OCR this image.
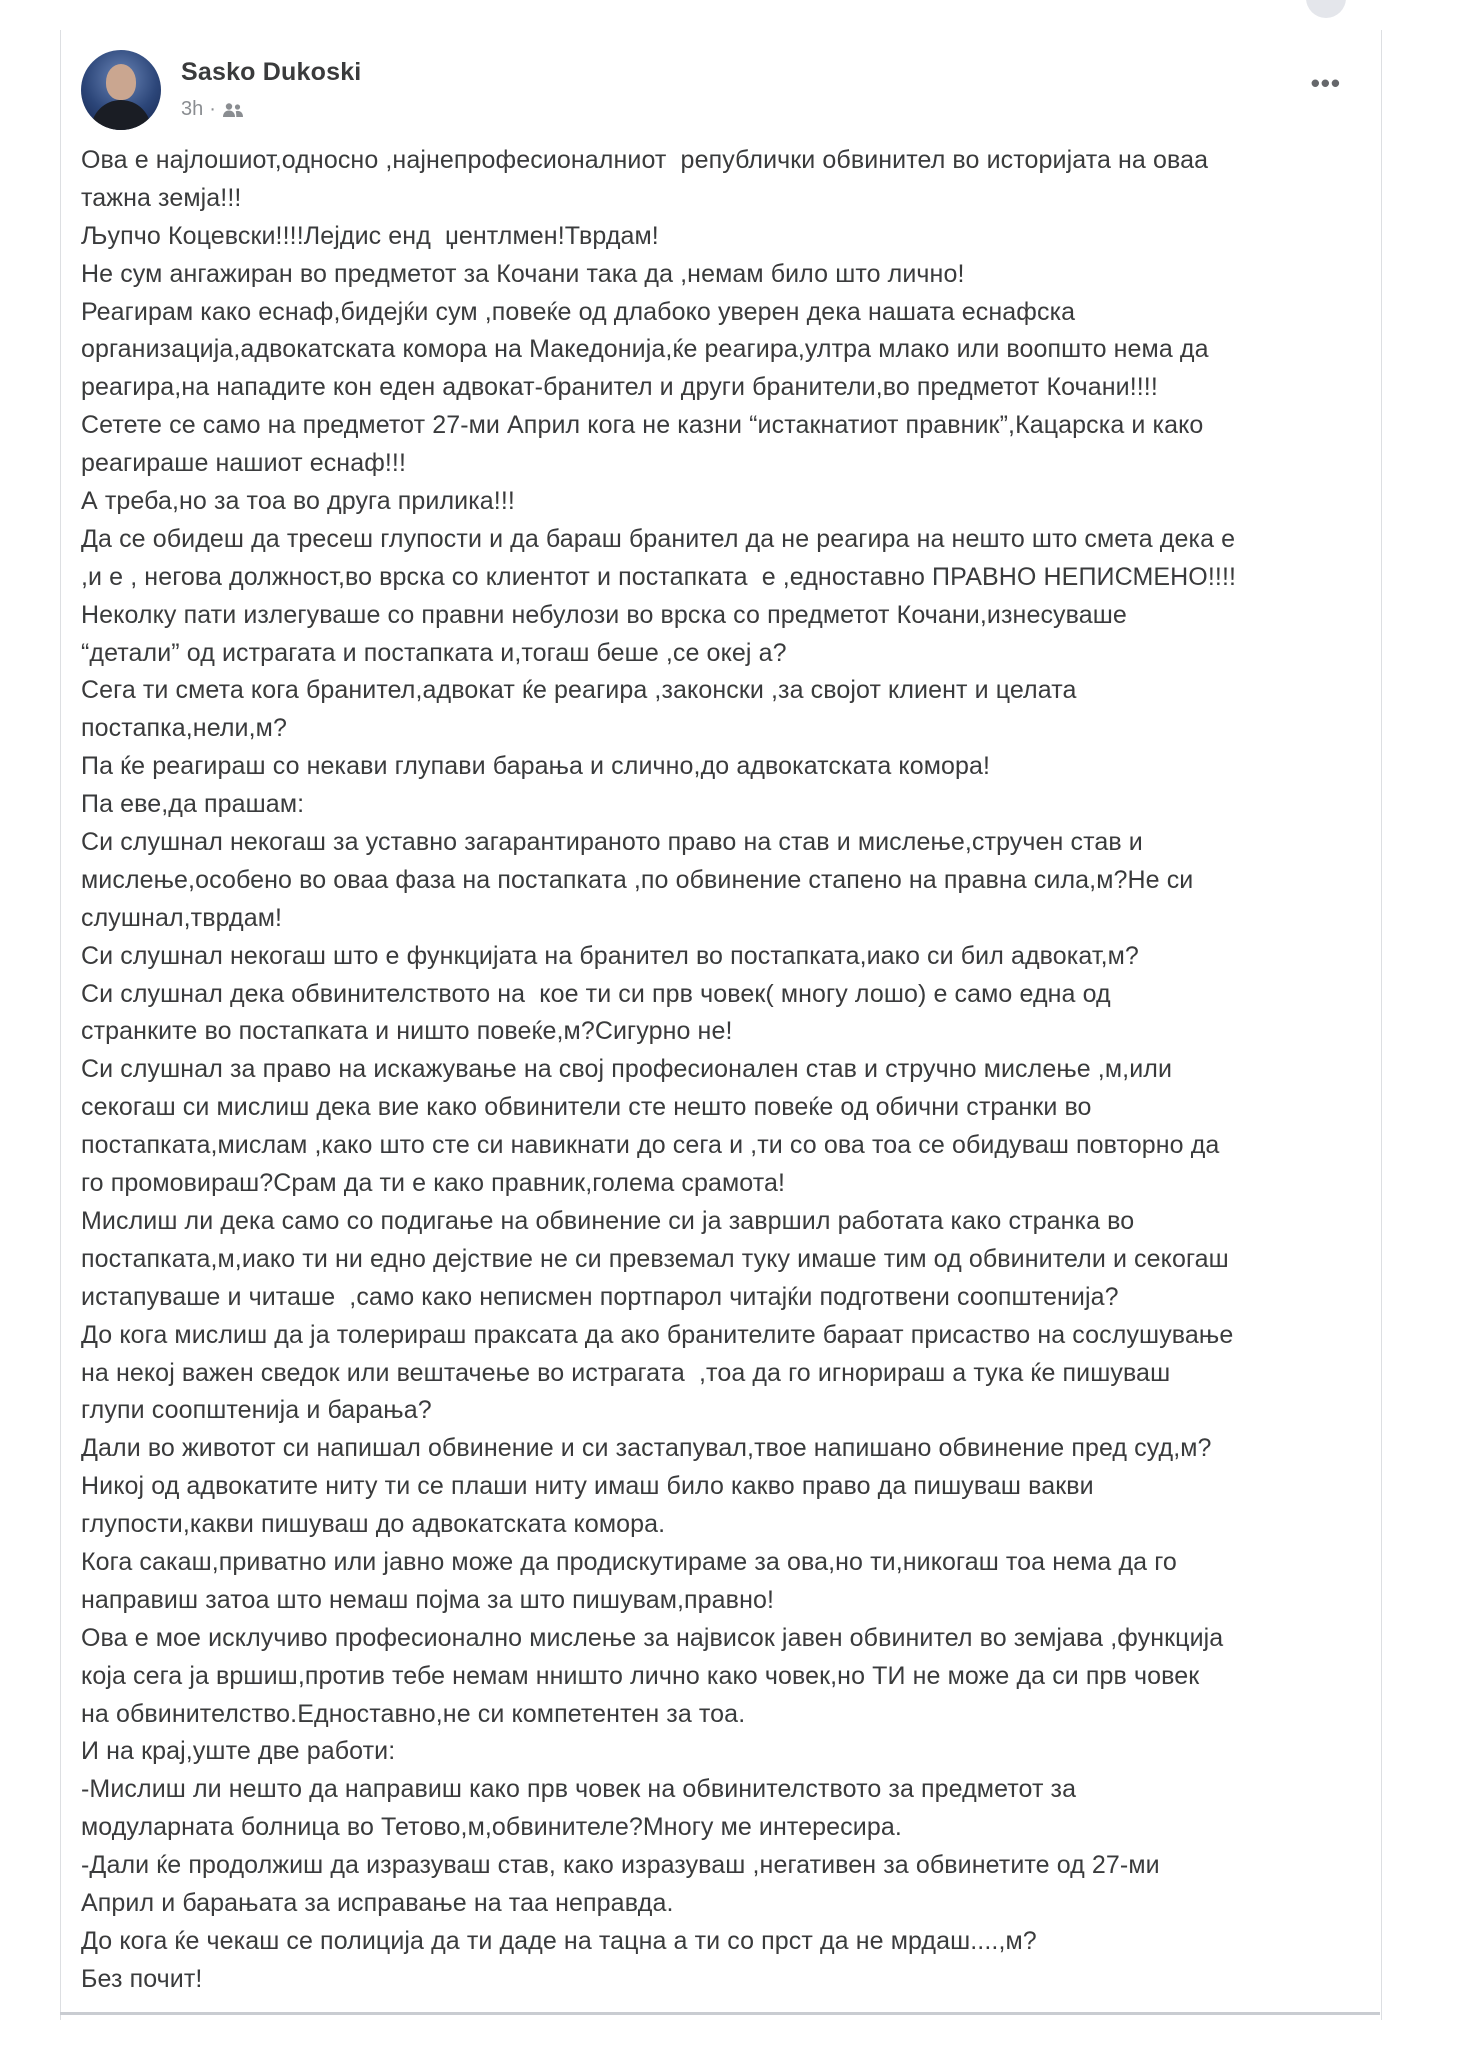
Sasko Dukoski
3h ·
•••
Ова е најлошиот,односно ,најнепрофесионалниот  републички обвинител во историјата на оваа
тажна земја!!!
Љупчо Коцевски!!!!Лејдис енд  џентлмен!Тврдам!
Не сум ангажиран во предметот за Кочани така да ,немам било што лично!
Реагирам како еснаф,бидејќи сум ,повеќе од длабоко уверен дека нашата еснафска
организација,адвокатската комора на Македонија,ќе реагира,ултра млако или воопшто нема да
реагира,на нападите кон еден адвокат-бранител и други бранители,во предметот Кочани!!!!
Сетете се само на предметот 27-ми Април кога не казни “истакнатиот правник”,Кацарска и како
реагираше нашиот еснаф!!!
А треба,но за тоа во друга прилика!!!
Да се обидеш да тресеш глупости и да бараш бранител да не реагира на нешто што смета дека е
,и е , негова должност,во врска со клиентот и постапката  е ,едноставно ПРАВНО НЕПИСМЕНО!!!!
Неколку пати излегуваше со правни небулози во врска со предметот Кочани,изнесуваше
“детали” од истрагата и постапката и,тогаш беше ,се океј а?
Сега ти смета кога бранител,адвокат ќе реагира ,законски ,за својот клиент и целата
постапка,нели,м?
Па ќе реагираш со некави глупави барања и слично,до адвокатската комора!
Па еве,да прашам:
Си слушнал некогаш за уставно загарантираното право на став и мислење,стручен став и
мислење,особено во оваа фаза на постапката ,по обвинение стапено на правна сила,м?Не си
слушнал,тврдам!
Си слушнал некогаш што е функцијата на бранител во постапката,иако си бил адвокат,м?
Си слушнал дека обвинителството на  кое ти си прв човек( многу лошо) е само една од
странките во постапката и ништо повеќе,м?Сигурно не!
Си слушнал за право на искажување на свој професионален став и стручно мислење ,м,или
секогаш си мислиш дека вие како обвинители сте нешто повеќе од обични странки во
постапката,мислам ,како што сте си навикнати до сега и ,ти со ова тоа се обидуваш повторно да
го промовираш?Срам да ти е како правник,голема срамота!
Мислиш ли дека само со подигање на обвинение си ја завршил работата како странка во
постапката,м,иако ти ни едно дејствие не си превземал туку имаше тим од обвинители и секогаш
истапуваше и читаше  ,само како неписмен портпарол читајќи подготвени соопштенија?
До кога мислиш да ја толерираш праксата да ако бранителите бараат присаство на сослушување
на некој важен сведок или вештачење во истрагата  ,тоа да го игнорираш а тука ќе пишуваш
глупи соопштенија и барања?
Дали во животот си напишал обвинение и си застапувал,твое напишано обвинение пред суд,м?
Никој од адвокатите ниту ти се плаши ниту имаш било какво право да пишуваш вакви
глупости,какви пишуваш до адвокатската комора.
Кога сакаш,приватно или јавно може да продискутираме за ова,но ти,никогаш тоа нема да го
направиш затоа што немаш појма за што пишувам,правно!
Ова е мое исклучиво професионално мислење за највисок јавен обвинител во земјава ,функција
која сега ја вршиш,против тебе немам нништо лично како човек,но ТИ не може да си прв човек
на обвинителство.Едноставно,не си компетентен за тоа.
И на крај,уште две работи:
-Мислиш ли нешто да направиш како прв човек на обвинителството за предметот за
модуларната болница во Тетово,м,обвинителе?Многу ме интересира.
-Дали ќе продолжиш да изразуваш став, како изразуваш ,негативен за обвинетите од 27-ми
Април и барањата за исправање на таа неправда.
До кога ќе чекаш се полиција да ти даде на тацна а ти со прст да не мрдаш....,м?
Без почит!
